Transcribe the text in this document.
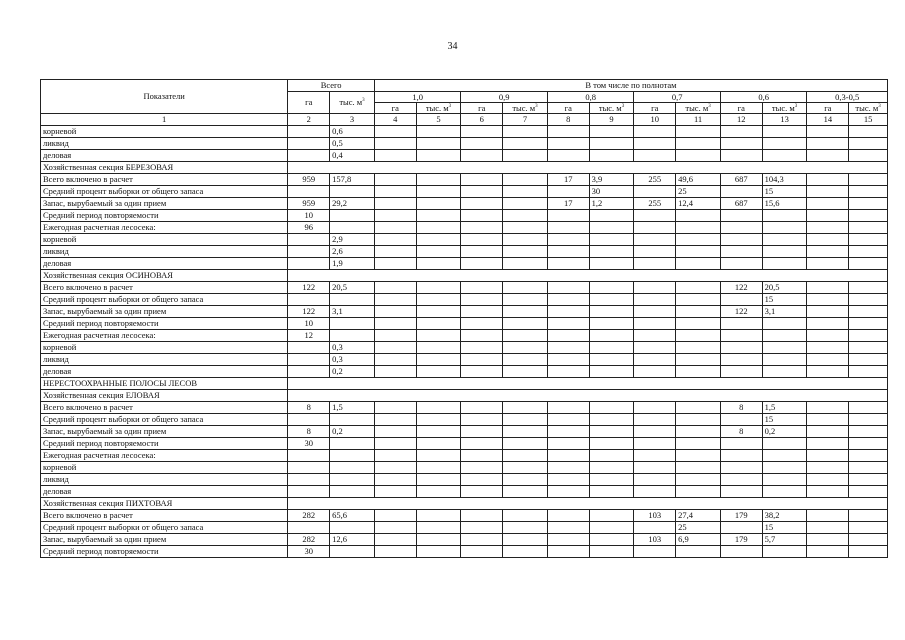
34
Показатели	Всего		В том числе по полнотам											
	га	тыс. $м^3$	1,0		0,9		0,8		0,7		0,6		0,3-0,5	
			га	тыс. $м^3$	га	тыс. $м^3$	га	тыс. $м^3$	га	тыс. $м^3$	га	тыс. $м^3$	га	тыс. $м^3$
1	2	3	4	5	6	7	8	9	10	11	12	13	14	15
корневой		0,6												
ликвид		0,5												
деловая		0,4												
Хозяйственная секция БЕРЕЗОВАЯ														
Всего включено в расчет	959	157,8					17	3,9	255	49,6	687	104,3		
Средний процент выборки от общего запаса								30		25		15		
Запас, вырубаемый за один прием	959	29,2					17	1,2	255	12,4	687	15,6		
Средний период повторяемости	10													
Ежегодная расчетная лесосека:	96													
корневой		2,9												
ликвид		2,6												
деловая		1,9												
Хозяйственная секция ОСИНОВАЯ														
Всего включено в расчет	122	20,5									122	20,5		
Средний процент выборки от общего запаса												15		
Запас, вырубаемый за один прием	122	3,1									122	3,1		
Средний период повторяемости	10													
Ежегодная расчетная лесосека:	12													
корневой		0,3												
ликвид		0,3												
деловая		0,2												
НЕРЕСТООХРАННЫЕ ПОЛОСЫ ЛЕСОВ														
Хозяйственная секция ЕЛОВАЯ														
Всего включено в расчет	8	1,5									8	1,5		
Средний процент выборки от общего запаса												15		
Запас, вырубаемый за один прием	8	0,2									8	0,2		
Средний период повторяемости	30													
Ежегодная расчетная лесосека:														
корневой														
ликвид														
деловая														
Хозяйственная секция ПИХТОВАЯ														
Всего включено в расчет	282	65,6							103	27,4	179	38,2		
Средний процент выборки от общего запаса										25		15		
Запас, вырубаемый за один прием	282	12,6							103	6,9	179	5,7		
Средний период повторяемости	30													
